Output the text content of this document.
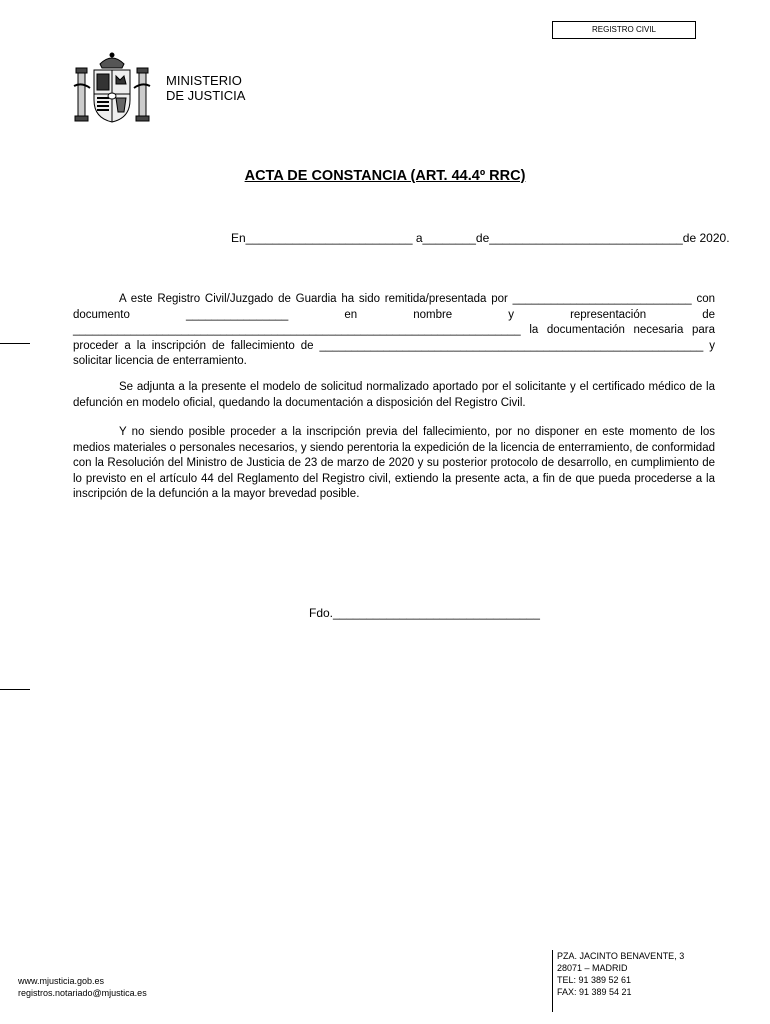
REGISTRO CIVIL
MINISTERIO
DE JUSTICIA
ACTA DE CONSTANCIA (ART. 44.4º RRC)
En_________________________ a________de_____________________________de 2020.
A este Registro Civil/Juzgado de Guardia ha sido remitida/presentada por ____________________________ con documento ________________ en nombre y representación de ______________________________________________________________________ la documentación necesaria para proceder a la inscripción de fallecimiento de ____________________________________________________________ y solicitar licencia de enterramiento.
Se adjunta a la presente el modelo de solicitud normalizado aportado por el solicitante y el certificado médico de la defunción en modelo oficial, quedando la documentación a disposición del Registro Civil.
Y no siendo posible proceder a la inscripción previa del fallecimiento, por no disponer en este momento de los medios materiales o personales necesarios, y siendo perentoria la expedición de la licencia de enterramiento, de conformidad con la Resolución del Ministro de Justicia de 23 de marzo de 2020 y su posterior protocolo de desarrollo, en cumplimiento de lo previsto en el artículo 44 del Reglamento del Registro civil, extiendo la presente acta, a fin de que pueda procederse a la inscripción de la defunción a la mayor brevedad posible.
Fdo._______________________________
www.mjusticia.gob.es
registros.notariado@mjustica.es
PZA. JACINTO BENAVENTE, 3
28071 – MADRID
TEL: 91 389 52 61
FAX: 91 389 54 21
